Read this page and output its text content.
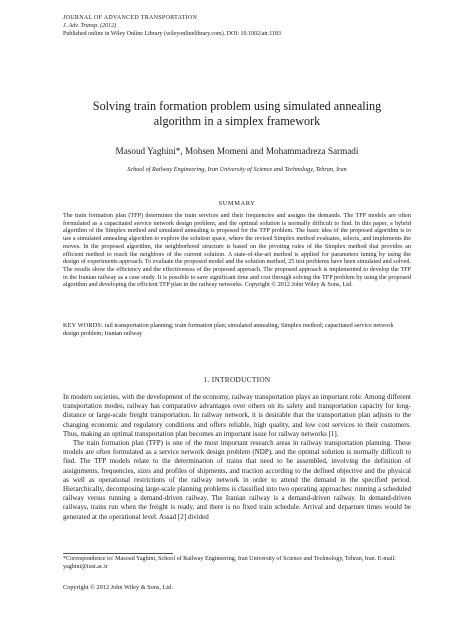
JOURNAL OF ADVANCED TRANSPORTATION
J. Adv. Transp. (2012)
Published online in Wiley Online Library (wileyonlinelibrary.com). DOI: 10.1002/atr.1183
Solving train formation problem using simulated annealing
algorithm in a simplex framework
Masoud Yaghini*, Mohsen Momeni and Mohammadreza Sarmadi
School of Railway Engineering, Iran University of Science and Technology, Tehran, Iran
SUMMARY
The train formation plan (TFP) determines the train services and their frequencies and assigns the demands. The TFP models are often formulated as a capacitated service network design problem, and the optimal solution is normally difficult to find. In this paper, a hybrid algorithm of the Simplex method and simulated annealing is proposed for the TFP problem. The basic idea of the proposed algorithm is to use a simulated annealing algorithm to explore the solution space, where the revised Simplex method evaluates, selects, and implements the moves. In the proposed algorithm, the neighborhood structure is based on the pivoting rules of the Simplex method that provides an efficient method to reach the neighbors of the current solution. A state-of-the-art method is applied for parameters tuning by using the design of experiments approach. To evaluate the proposed model and the solution method, 25 test problems have been simulated and solved. The results show the efficiency and the effectiveness of the proposed approach. The proposed approach is implemented to develop the TFP in the Iranian railway as a case study. It is possible to save significant time and cost through solving the TFP problem by using the proposed algorithm and developing the efficient TFP plan in the railway networks. Copyright © 2012 John Wiley & Sons, Ltd.
KEY WORDS: rail transportation planning; train formation plan; simulated annealing; Simplex method; capacitated service network design problem; Iranian railway
1. INTRODUCTION

In modern societies, with the development of the economy, railway transportation plays an important role. Among different transportation modes, railway has comparative advantages over others on its safety and transportation capacity for long-distance or large-scale freight transportation. In railway network, it is desirable that the transportation plan adjusts to the changing economic and regulatory conditions and offers reliable, high quality, and low cost services to their customers. Thus, making an optimal transportation plan becomes an important issue for railway networks [1].

The train formation plan (TFP) is one of the most important research areas in railway transportation planning. These models are often formulated as a service network design problem (NDP), and the optimal solution is normally difficult to find. The TFP models relate to the determination of trains that need to be assembled, involving the definition of assignments, frequencies, sizes and profiles of shipments, and traction according to the defined objective and the physical as well as operational restrictions of the railway network in order to attend the demand in the specified period. Hierarchically, decomposing large-scale planning problems is classified into two operating approaches: running a scheduled railway versus running a demand-driven railway. The Iranian railway is a demand-driven railway. In demand-driven railways, trains run when the freight is ready, and there is no fixed train schedule. Arrival and departure times would be generated at the operational level. Assad [2] divided

*Correspondence to: Masoud Yaghini, School of Railway Engineering, Iran University of Science and Technology, Tehran, Iran. E-mail: yaghini@iust.ac.ir
Copyright © 2012 John Wiley & Sons, Ltd.
